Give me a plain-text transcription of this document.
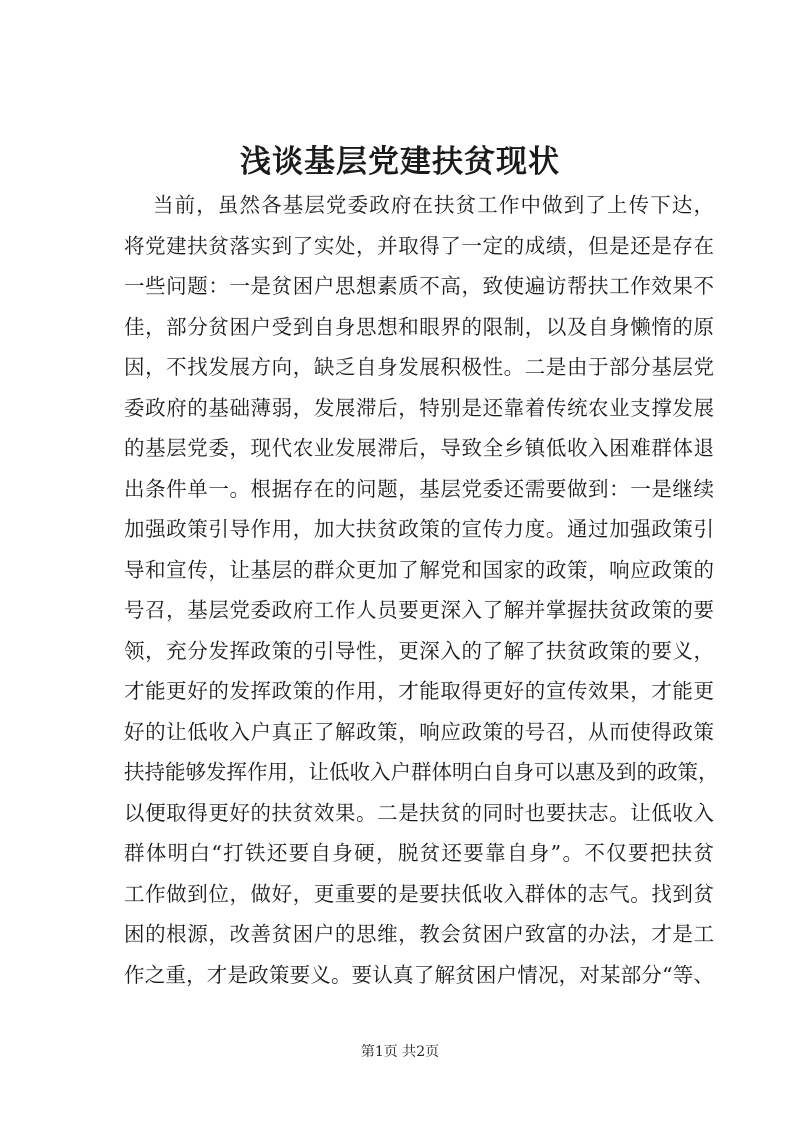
浅谈基层党建扶贫现状
当前，虽然各基层党委政府在扶贫工作中做到了上传下达，
将党建扶贫落实到了实处，并取得了一定的成绩，但是还是存在
一些问题：一是贫困户思想素质不高，致使遍访帮扶工作效果不
佳，部分贫困户受到自身思想和眼界的限制，以及自身懒惰的原
因，不找发展方向，缺乏自身发展积极性。二是由于部分基层党
委政府的基础薄弱，发展滞后，特别是还靠着传统农业支撑发展
的基层党委，现代农业发展滞后，导致全乡镇低收入困难群体退
出条件单一。根据存在的问题，基层党委还需要做到：一是继续
加强政策引导作用，加大扶贫政策的宣传力度。通过加强政策引
导和宣传，让基层的群众更加了解党和国家的政策，响应政策的
号召，基层党委政府工作人员要更深入了解并掌握扶贫政策的要
领，充分发挥政策的引导性，更深入的了解了扶贫政策的要义，
才能更好的发挥政策的作用，才能取得更好的宣传效果，才能更
好的让低收入户真正了解政策，响应政策的号召，从而使得政策
扶持能够发挥作用，让低收入户群体明白自身可以惠及到的政策，
以便取得更好的扶贫效果。二是扶贫的同时也要扶志。让低收入
群体明白“打铁还要自身硬，脱贫还要靠自身”。不仅要把扶贫
工作做到位，做好，更重要的是要扶低收入群体的志气。找到贫
困的根源，改善贫困户的思维，教会贫困户致富的办法，才是工
作之重，才是政策要义。要认真了解贫困户情况，对某部分“等、
第1页 共2页
